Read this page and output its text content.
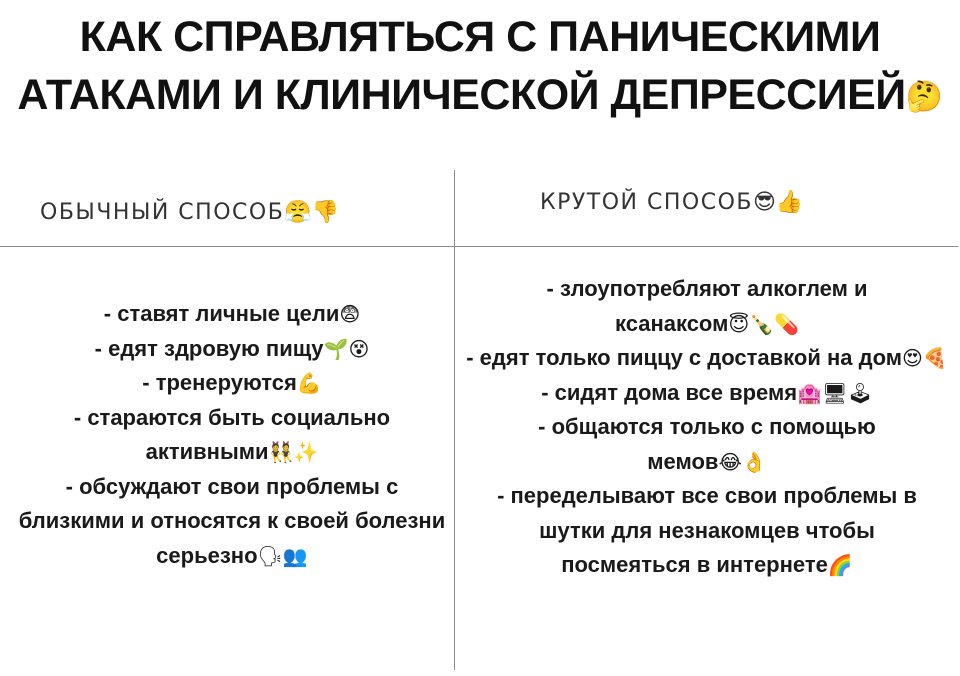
КАК СПРАВЛЯТЬСЯ С ПАНИЧЕСКИМИ
АТАКАМИ И КЛИНИЧЕСКОЙ ДЕПРЕССИЕЙ🤔
ОБЫЧНЫЙ СПОСОБ😤👎	КРУТОЙ СПОСОБ😎👍
- ставят личные цели😨
- едят здровую пищу🌱😵
- тренеруются💪
- стараются быть социально активными👯✨
- обсуждают свои проблемы с близкими и относятся к своей болезни серьезно🗣👥
- злоупотребляют алкоглем и ксанаксом😇🍾💊
- едят только пиццу с доставкой на дом😍🍕
- сидят дома все время🏩🖥🕹
- общаются только с помощью мемов😂👌
- переделывают все свои проблемы в шутки для незнакомцев чтобы посмеяться в интернете🌈
